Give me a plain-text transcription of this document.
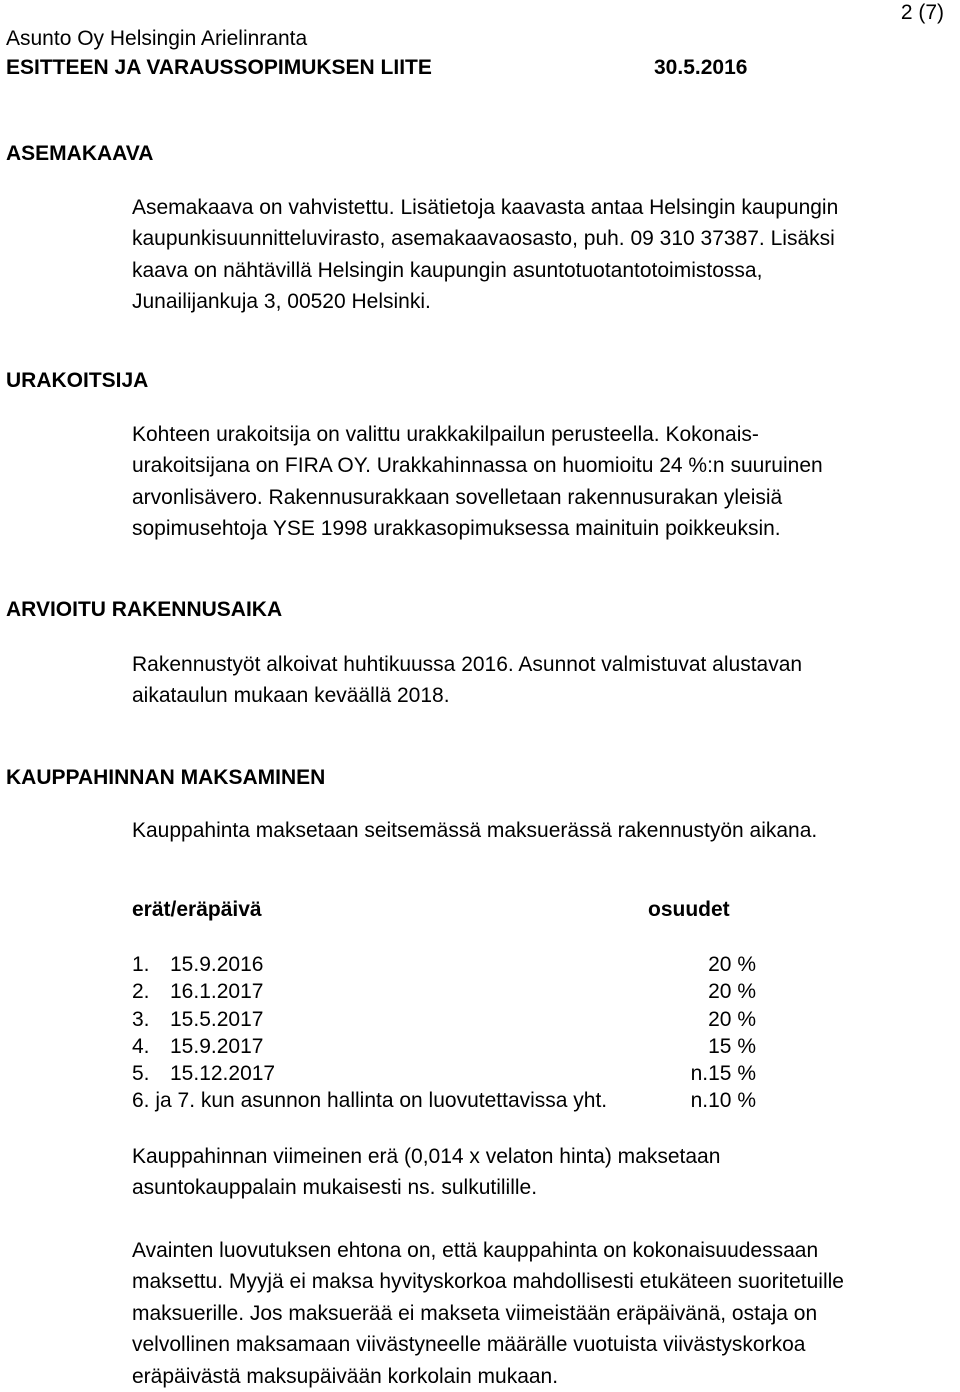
2 (7)
Asunto Oy Helsingin Arielinranta
ESITTEEN JA VARAUSSOPIMUKSEN LIITE	30.5.2016
ASEMAKAAVA
Asemakaava on vahvistettu. Lisätietoja kaavasta antaa Helsingin kaupungin
kaupunkisuunnitteluvirasto, asemakaavaosasto, puh. 09 310 37387. Lisäksi
kaava on nähtävillä Helsingin kaupungin asuntotuotantotoimistossa,
Junailijankuja 3, 00520 Helsinki.
URAKOITSIJA
Kohteen urakoitsija on valittu urakkakilpailun perusteella. Kokonais-
urakoitsijana on FIRA OY. Urakkahinnassa on huomioitu 24 %:n suuruinen
arvonlisävero. Rakennusurakkaan sovelletaan rakennusurakan yleisiä
sopimusehtoja YSE 1998 urakkasopimuksessa mainituin poikkeuksin.
ARVIOITU RAKENNUSAIKA
Rakennustyöt alkoivat huhtikuussa 2016. Asunnot valmistuvat alustavan
aikataulun mukaan keväällä 2018.
KAUPPAHINNAN MAKSAMINEN
Kauppahinta maksetaan seitsemässä maksuerässä rakennustyön aikana.
erät/eräpäivä	osuudet
1. 15.9.2016	20 %
2. 16.1.2017	20 %
3. 15.5.2017	20 %
4. 15.9.2017	15 %
5. 15.12.2017	n.15 %
6. ja 7. kun asunnon hallinta on luovutettavissa yht.	n.10 %
Kauppahinnan viimeinen erä (0,014 x velaton hinta) maksetaan
asuntokauppalain mukaisesti ns. sulkutilille.
Avainten luovutuksen ehtona on, että kauppahinta on kokonaisuudessaan
maksettu. Myyjä ei maksa hyvityskorkoa mahdollisesti etukäteen suoritetuille
maksuerille. Jos maksuerää ei makseta viimeistään eräpäivänä, ostaja on
velvollinen maksamaan viivästyneelle määrälle vuotuista viivästyskorkoa
eräpäivästä maksupäivään korkolain mukaan.
